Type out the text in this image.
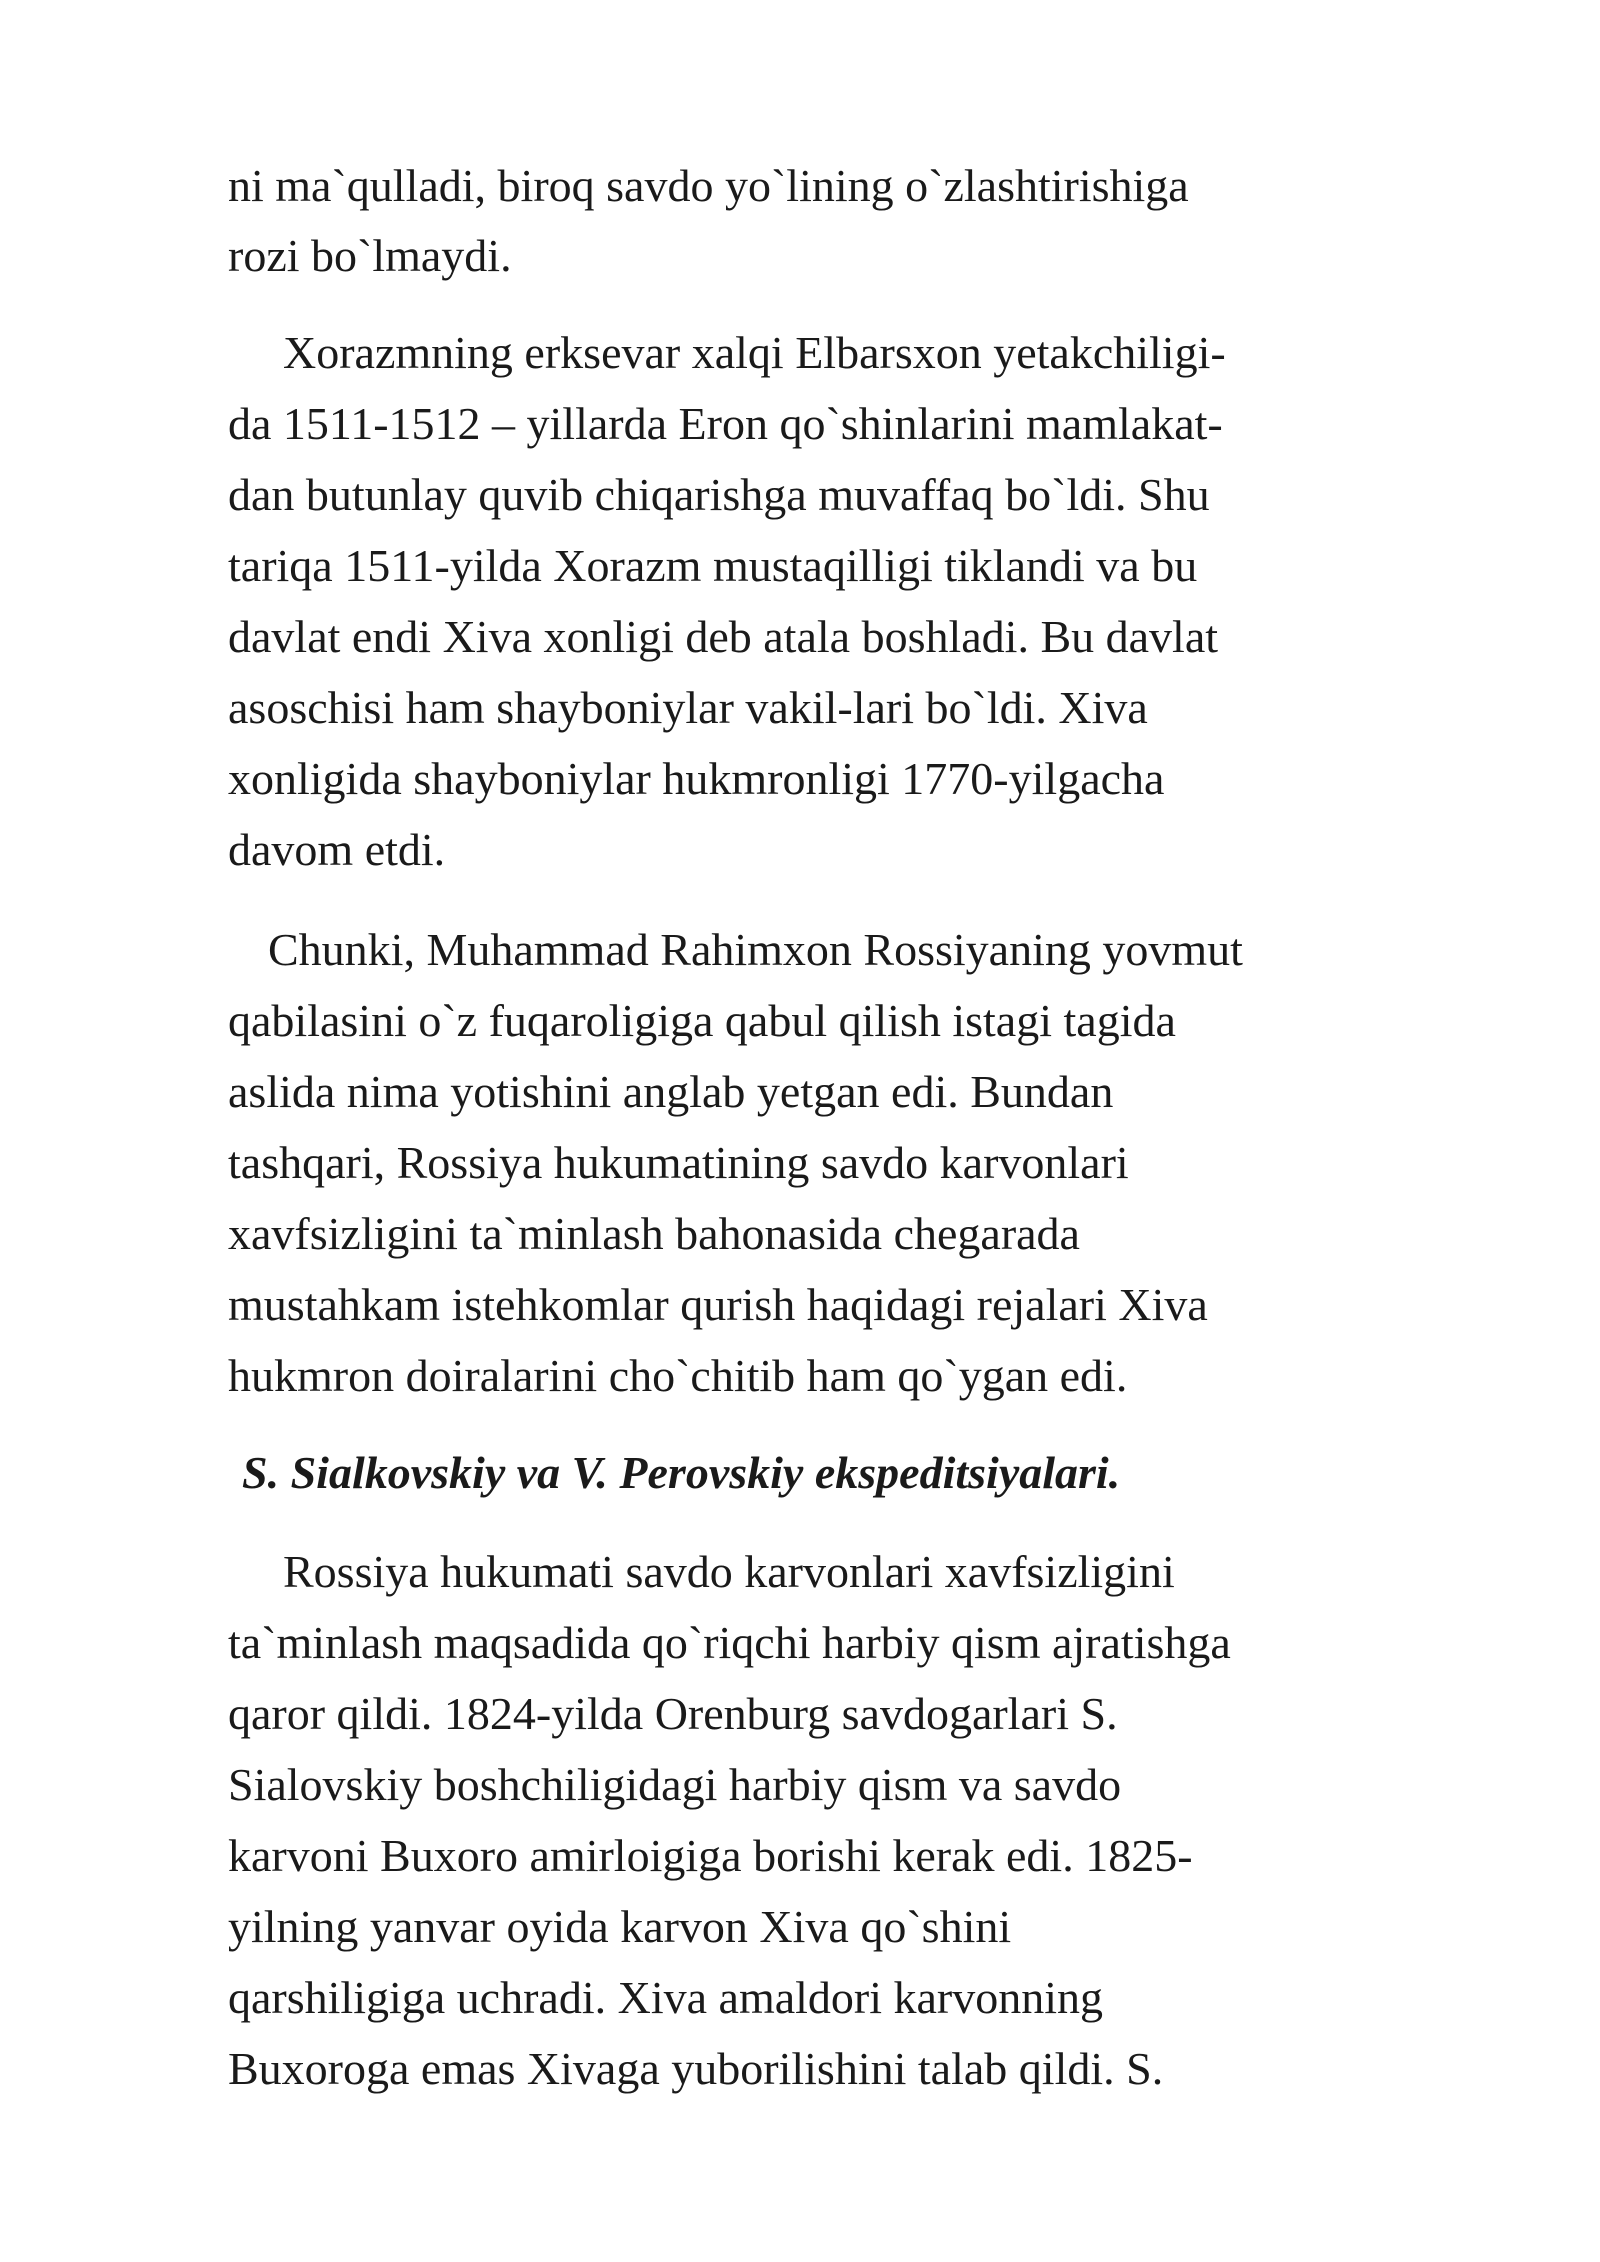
ni ma`qulladi, biroq savdo yo`lining o`zlashtirishiga

rozi bo`lmaydi.

Xorazmning erksevar xalqi Elbarsxon yetakchiligi-

da 1511-1512 – yillarda Eron qo`shinlarini mamlakat-

dan butunlay quvib chiqarishga muvaffaq bo`ldi. Shu

tariqa 1511-yilda Xorazm mustaqilligi tiklandi va bu

davlat endi Xiva xonligi deb atala boshladi. Bu davlat

asoschisi ham shayboniylar vakil-lari bo`ldi. Xiva

xonligida shayboniylar hukmronligi 1770-yilgacha

davom etdi.

Chunki, Muhammad Rahimxon Rossiyaning yovmut

qabilasini o`z fuqaroligiga qabul qilish istagi tagida

aslida nima yotishini anglab yetgan edi. Bundan

tashqari, Rossiya hukumatining savdo karvonlari

xavfsizligini ta`minlash bahonasida chegarada

mustahkam istehkomlar qurish haqidagi rejalari Xiva

hukmron doiralarini cho`chitib ham qo`ygan edi.

S. Sialkovskiy va V. Perovskiy ekspeditsiyalari.

Rossiya hukumati savdo karvonlari xavfsizligini

ta`minlash maqsadida qo`riqchi harbiy qism ajratishga

qaror qildi. 1824-yilda Orenburg savdogarlari S.

Sialovskiy boshchiligidagi harbiy qism va savdo

karvoni Buxoro amirloigiga borishi kerak edi. 1825-

yilning yanvar oyida karvon Xiva qo`shini

qarshiligiga uchradi. Xiva amaldori karvonning

Buxoroga emas Xivaga yuborilishini talab qildi. S.
